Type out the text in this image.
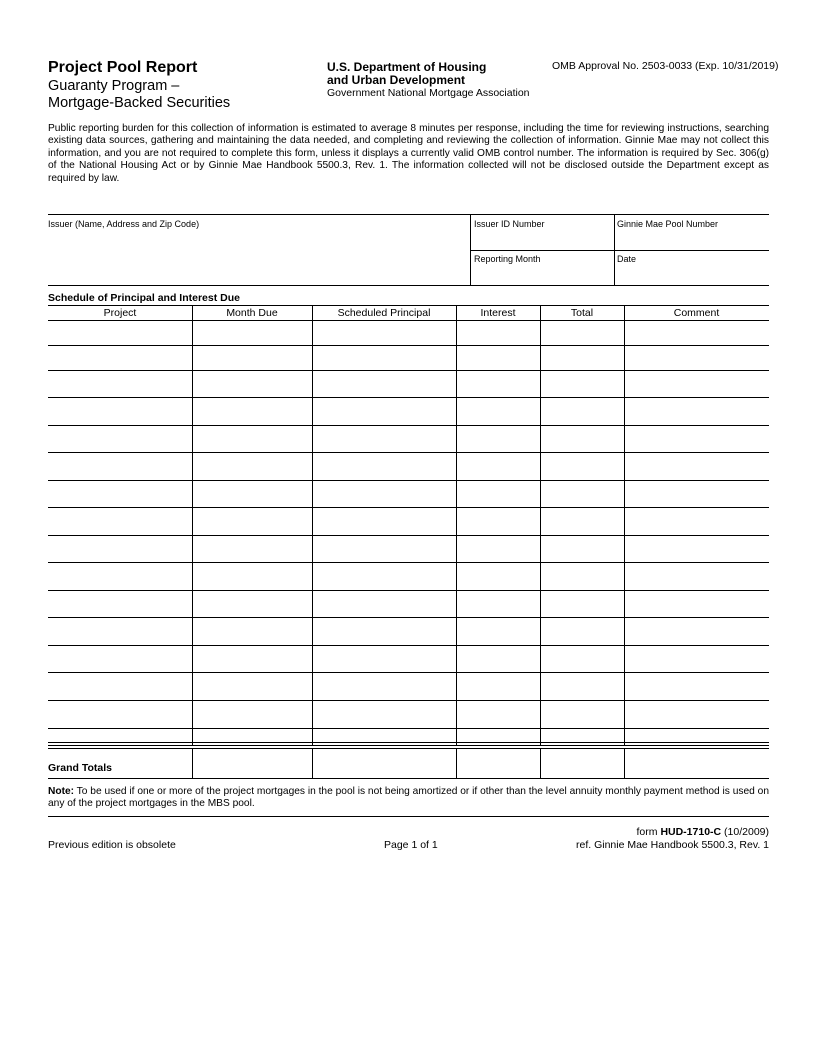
Project Pool Report
Guaranty Program –
Mortgage-Backed Securities
U.S. Department of Housing
and Urban Development
Government National Mortgage Association
OMB Approval No. 2503-0033 (Exp. 10/31/2019)
Public reporting burden for this collection of information is estimated to average 8 minutes per response, including the time for reviewing instructions, searching existing data sources, gathering and maintaining the data needed, and completing and reviewing the collection of information. Ginnie Mae may not collect this information, and you are not required to complete this form, unless it displays a currently valid OMB control number. The information is required by Sec. 306(g) of the National Housing Act or by Ginnie Mae Handbook 5500.3, Rev. 1. The information collected will not be disclosed outside the Department except as required by law.
Issuer (Name, Address and Zip Code)	Issuer ID Number	Ginnie Mae Pool Number
Reporting Month	Date
Schedule of Principal and Interest Due
Project	Month Due	Scheduled Principal	Interest	Total	Comment
Grand Totals
Note: To be used if one or more of the project mortgages in the pool is not being amortized or if other than the level annuity monthly payment method is used on any of the project mortgages in the MBS pool.
Previous edition is obsolete	Page 1 of 1
form HUD-1710-C (10/2009)
ref. Ginnie Mae Handbook 5500.3, Rev. 1
